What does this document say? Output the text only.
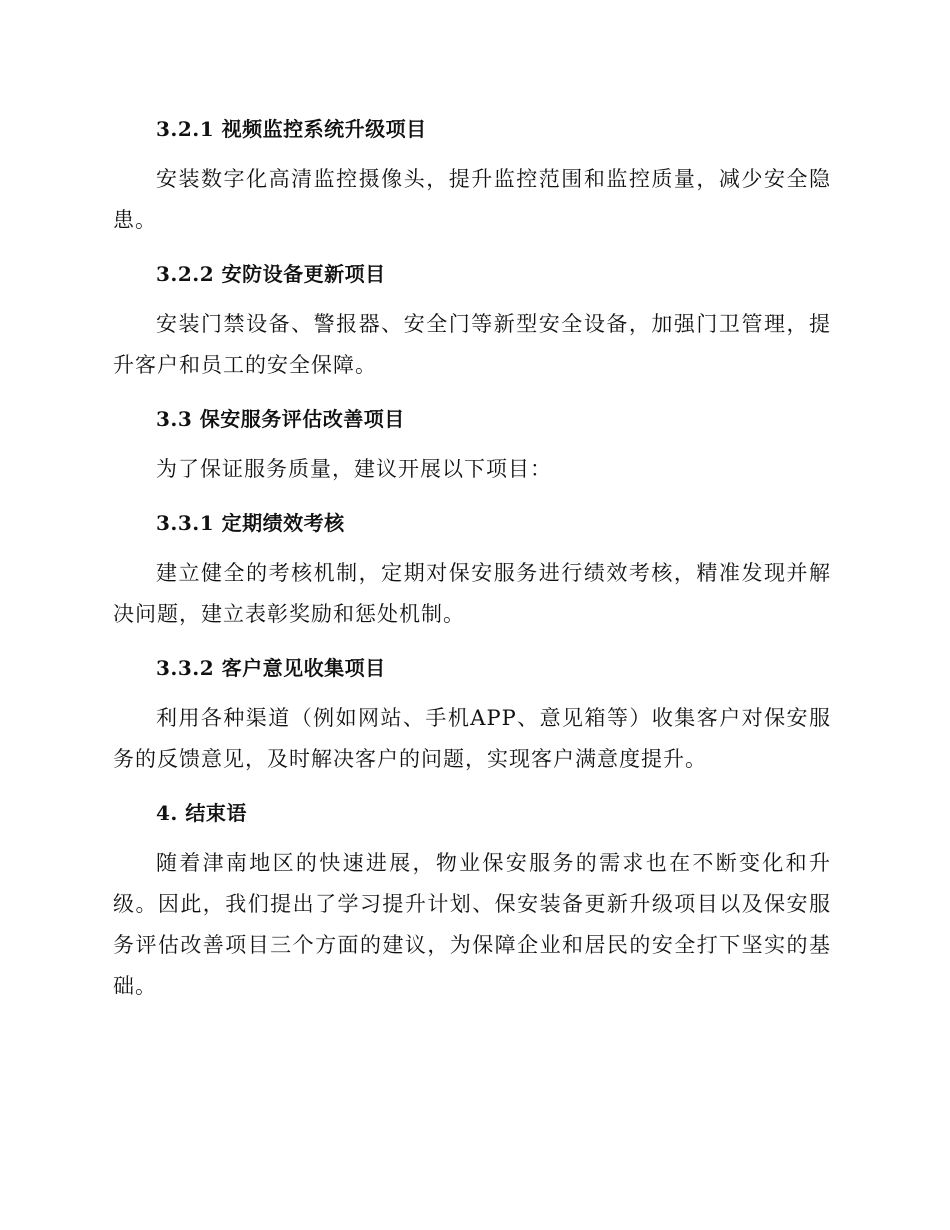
3.2.1 视频监控系统升级项目

安装数字化高清监控摄像头，提升监控范围和监控质量，减少安全隐患。

3.2.2 安防设备更新项目

安装门禁设备、警报器、安全门等新型安全设备，加强门卫管理，提升客户和员工的安全保障。

3.3 保安服务评估改善项目

为了保证服务质量，建议开展以下项目：

3.3.1 定期绩效考核

建立健全的考核机制，定期对保安服务进行绩效考核，精准发现并解决问题，建立表彰奖励和惩处机制。

3.3.2 客户意见收集项目

利用各种渠道（例如网站、手机APP、意见箱等）收集客户对保安服务的反馈意见，及时解决客户的问题，实现客户满意度提升。

4. 结束语

随着津南地区的快速进展，物业保安服务的需求也在不断变化和升级。因此，我们提出了学习提升计划、保安装备更新升级项目以及保安服务评估改善项目三个方面的建议，为保障企业和居民的安全打下坚实的基础。
